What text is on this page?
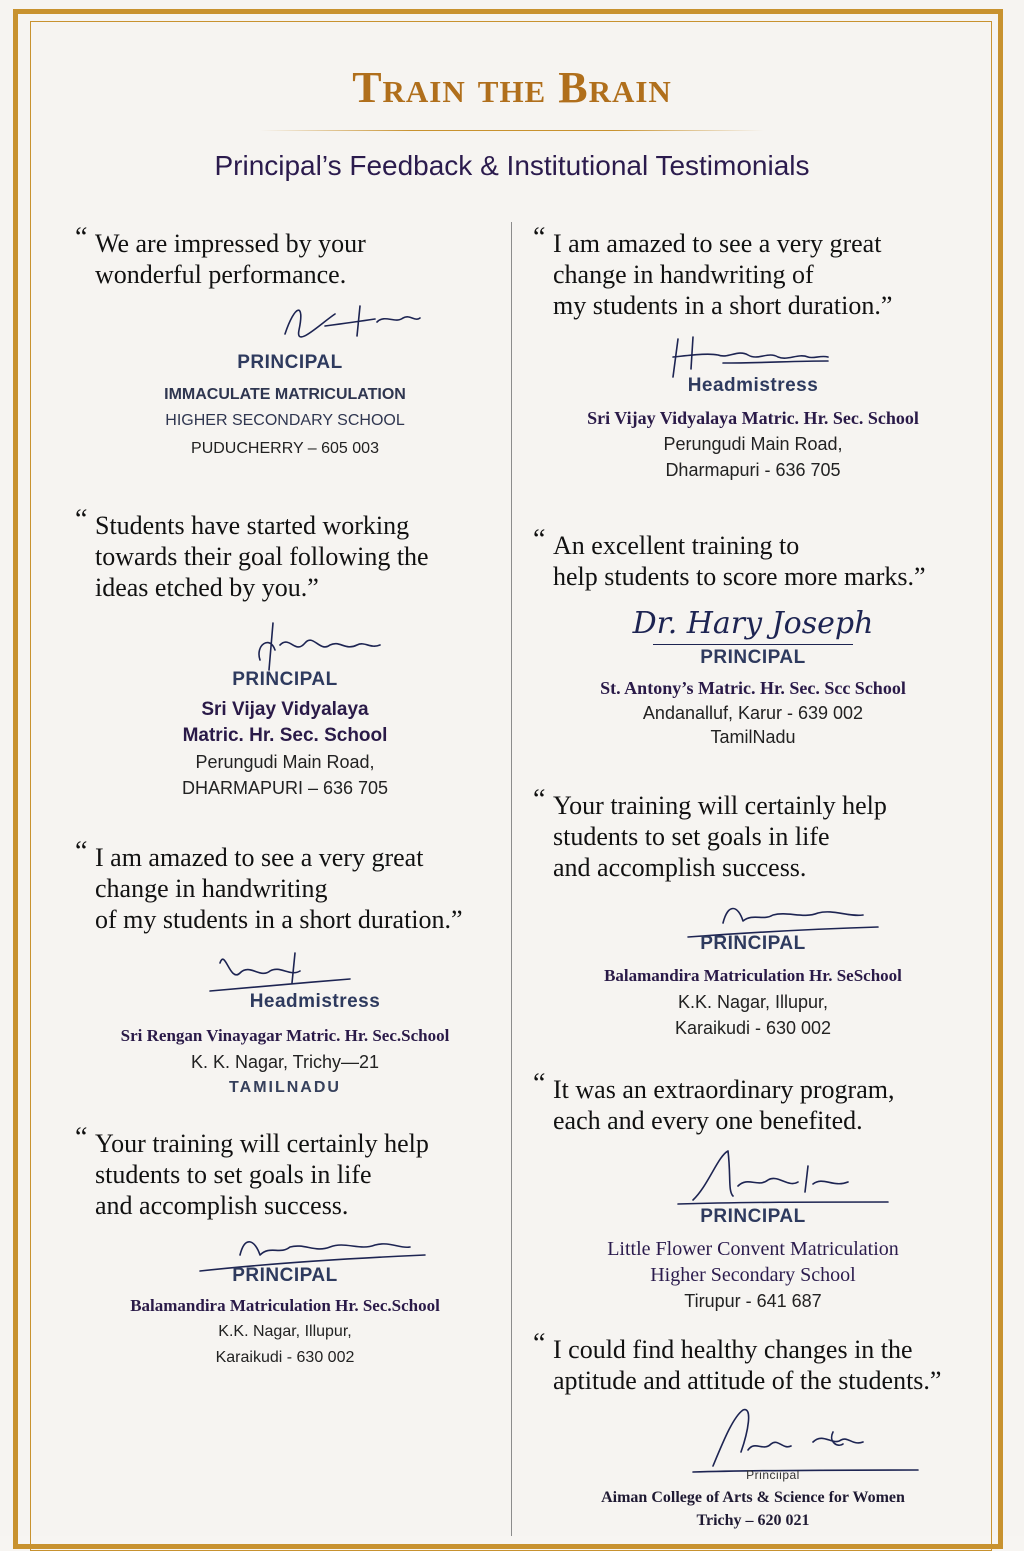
Train the Brain
Principal’s Feedback & Institutional Testimonials

“ We are impressed by your
wonderful performance.

PRINCIPAL
IMMACULATE MATRICULATION
HIGHER SECONDARY SCHOOL
PUDUCHERRY – 605 003

“ Students have started working
towards their goal following the
ideas etched by you.”

PRINCIPAL
Sri Vijay Vidyalaya
Matric. Hr. Sec. School
Perungudi Main Road,
DHARMAPURI – 636 705

“ I am amazed to see a very great
change in handwriting
of my students in a short duration.”

Headmistress
Sri Rengan Vinayagar Matric. Hr. Sec.School
K. K. Nagar, Trichy—21
TAMILNADU

“ Your training will certainly help
students to set goals in life
and accomplish success.

PRINCIPAL
Balamandira Matriculation Hr. Sec.School
K.K. Nagar, Illupur,
Karaikudi - 630 002

“ I am amazed to see a very great
change in handwriting of
my students in a short duration.”

Headmistress
Sri Vijay Vidyalaya Matric. Hr. Sec. School
Perungudi Main Road,
Dharmapuri - 636 705

“ An excellent training to
help students to score more marks.”

Dr. Hary Joseph
PRINCIPAL
St. Antony’s Matric. Hr. Sec. Scc School
Andanalluf, Karur - 639 002
TamilNadu

“ Your training will certainly help
students to set goals in life
and accomplish success.

PRINCIPAL
Balamandira Matriculation Hr. SeSchool
K.K. Nagar, Illupur,
Karaikudi - 630 002

“ It was an extraordinary program,
each and every one benefited.

PRINCIPAL
Little Flower Convent Matriculation
Higher Secondary School
Tirupur - 641 687

“ I could find healthy changes in the
aptitude and attitude of the students.”

Princiipal
Aiman College of Arts & Science for Women
Trichy – 620 021
